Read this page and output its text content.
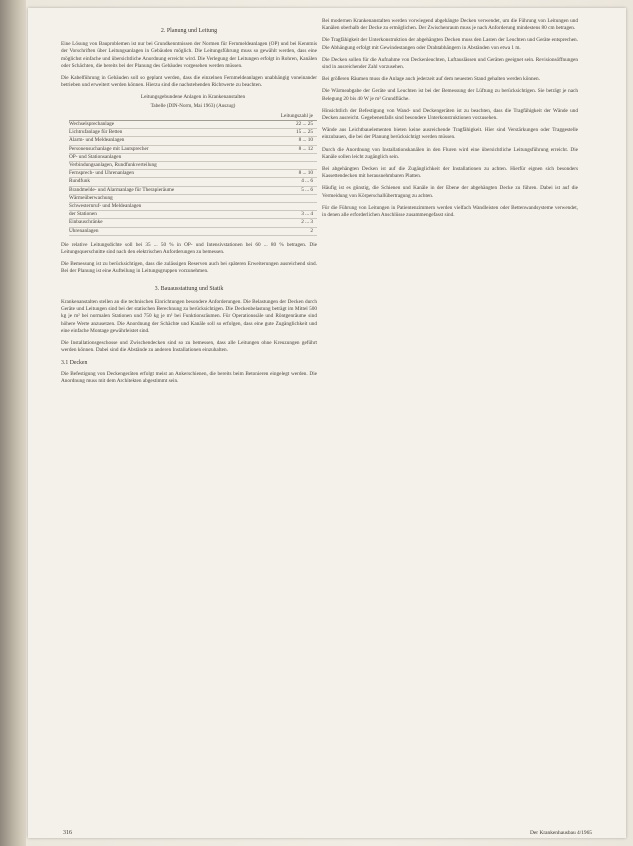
2. Planung und Leitung
Eine Lösung von Bauproblemen ist nur bei Grundkenntnissen der Normen für Fernmeldeanlagen (OP) und bei Kenntnis der Vorschriften über Leitungsanlagen in Gebäuden möglich. Die Leitungsführung muss so gewählt werden, dass eine möglichst einfache und übersichtliche Anordnung erreicht wird. Die Verlegung der Leitungen erfolgt in Rohren, Kanälen oder Schächten, die bereits bei der Planung des Gebäudes vorgesehen werden müssen.
Die Kabelführung in Gebäuden soll so geplant werden, dass die einzelnen Fernmeldeanlagen unabhängig voneinander betrieben und erweitert werden können. Hierzu sind die nachstehenden Richtwerte zu beachten.
Leitungsgebundene Anlagen in Krankenanstalten
Tabelle (DIN-Norm, Mai 1963) (Auszug)
Leitungszahl je
Wechselsprechanlage	22 ... 25
Lichtrufanlage für Betten	15 ... 25
Alarm- und Meldeanlagen	8 ... 10
Personensuchanlage mit Lautsprecher	8 ... 12
OP- und Stationsanlagen
Verbindungsanlagen, Rundfunkverteilung
Fernsprech- und Uhrenanlagen	8 ... 10
Rundfunk	4 ... 6
Brandmelde- und Alarmanlage für Therapieräume	5 ... 6
Wärmeüberwachung
Schwesternruf- und Meldeanlagen
der Stationen	3 ... 4
Einbauschränke	2 ... 3
Uhrenanlagen	2
Die relative Leitungsdichte soll bei 35 ... 50 % in OP- und Intensivstationen bei 60 ... 80 % betragen. Die Leitungsquerschnitte sind nach den elektrischen Anforderungen zu bemessen.
Die Bemessung ist zu berücksichtigen, dass die zulässigen Reserven auch bei späteren Erweiterungen ausreichend sind. Bei der Planung ist eine Aufteilung in Leitungsgruppen vorzunehmen.
3. Bauausstattung und Statik
Krankenanstalten stellen an die technischen Einrichtungen besondere Anforderungen. Die Belastungen der Decken durch Geräte und Leitungen sind bei der statischen Berechnung zu berücksichtigen. Die Deckenbelastung beträgt im Mittel 500 kg je m² bei normalen Stationen und 750 kg je m² bei Funktionsräumen. Für Operationssäle und Röntgenräume sind höhere Werte anzusetzen. Die Anordnung der Schächte und Kanäle soll so erfolgen, dass eine gute Zugänglichkeit und eine einfache Montage gewährleistet sind.
Die Installationsgeschosse und Zwischendecken sind so zu bemessen, dass alle Leitungen ohne Kreuzungen geführt werden können. Dabei sind die Abstände zu anderen Installationen einzuhalten.
3.1 Decken
Die Befestigung von Deckengeräten erfolgt meist an Ankerschienen, die bereits beim Betonieren eingelegt werden. Die Anordnung muss mit dem Architekten abgestimmt sein.
Bei modernen Krankenanstalten werden vorwiegend abgehängte Decken verwendet, um die Führung von Leitungen und Kanälen oberhalb der Decke zu ermöglichen. Der Zwischenraum muss je nach Anforderung mindestens 80 cm betragen.
Die Tragfähigkeit der Unterkonstruktion der abgehängten Decken muss den Lasten der Leuchten und Geräte entsprechen. Die Abhängung erfolgt mit Gewindestangen oder Drahtabhängern in Abständen von etwa 1 m.
Die Decken sollen für die Aufnahme von Deckenleuchten, Luftauslässen und Geräten geeignet sein. Revisionsöffnungen sind in ausreichender Zahl vorzusehen.
Bei größeren Räumen muss die Anlage auch jederzeit auf dem neuesten Stand gehalten werden können.
Die Wärmeabgabe der Geräte und Leuchten ist bei der Bemessung der Lüftung zu berücksichtigen. Sie beträgt je nach Belegung 20 bis 40 W je m² Grundfläche.
Hinsichtlich der Befestigung von Wand- und Deckengeräten ist zu beachten, dass die Tragfähigkeit der Wände und Decken ausreicht. Gegebenenfalls sind besondere Unterkonstruktionen vorzusehen.
Wände aus Leichtbauelementen bieten keine ausreichende Tragfähigkeit. Hier sind Verstärkungen oder Traggestelle einzubauen, die bei der Planung berücksichtigt werden müssen.
Durch die Anordnung von Installationskanälen in den Fluren wird eine übersichtliche Leitungsführung erreicht. Die Kanäle sollen leicht zugänglich sein.
Bei abgehängten Decken ist auf die Zugänglichkeit der Installationen zu achten. Hierfür eignen sich besonders Kassettendecken mit herausnehmbaren Platten.
Häufig ist es günstig, die Schienen und Kanäle in der Ebene der abgehängten Decke zu führen. Dabei ist auf die Vermeidung von Körperschallübertragung zu achten.
Für die Führung von Leitungen in Patientenzimmern werden vielfach Wandleisten oder Bettenwandsysteme verwendet, in denen alle erforderlichen Anschlüsse zusammengefasst sind.
316	Der Krankenhausbau 4/1965
